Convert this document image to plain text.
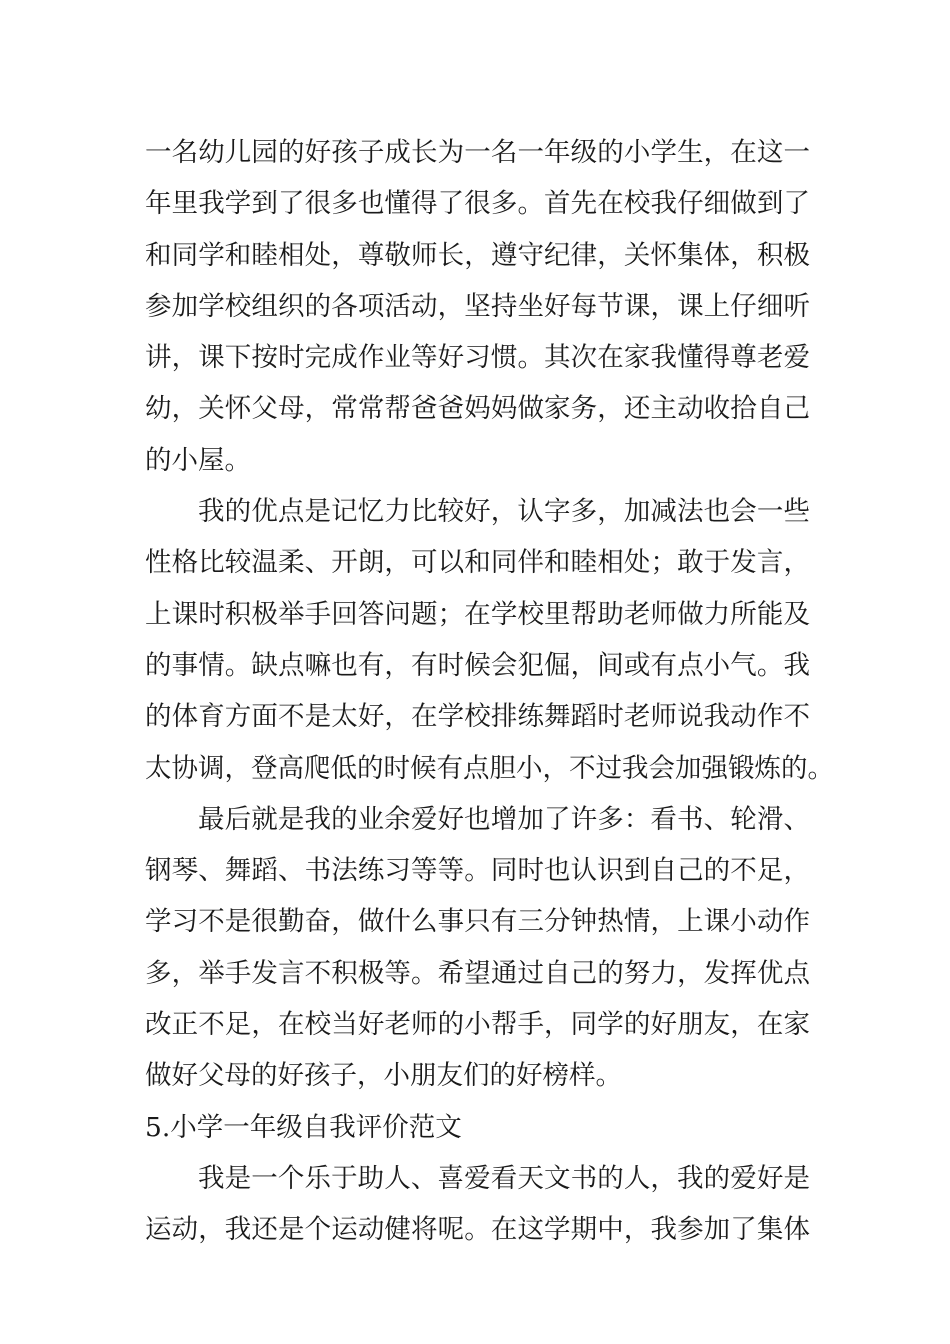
一名幼儿园的好孩子成长为一名一年级的小学生，在这一
年里我学到了很多也懂得了很多。首先在校我仔细做到了
和同学和睦相处，尊敬师长，遵守纪律，关怀集体，积极
参加学校组织的各项活动，坚持坐好每节课，课上仔细听
讲，课下按时完成作业等好习惯。其次在家我懂得尊老爱
幼，关怀父母，常常帮爸爸妈妈做家务，还主动收拾自己
的小屋。
我的优点是记忆力比较好，认字多，加减法也会一些
性格比较温柔、开朗，可以和同伴和睦相处；敢于发言，
上课时积极举手回答问题；在学校里帮助老师做力所能及
的事情。缺点嘛也有，有时候会犯倔，间或有点小气。我
的体育方面不是太好，在学校排练舞蹈时老师说我动作不
太协调，登高爬低的时候有点胆小，不过我会加强锻炼的。
最后就是我的业余爱好也增加了许多：看书、轮滑、
钢琴、舞蹈、书法练习等等。同时也认识到自己的不足，
学习不是很勤奋，做什么事只有三分钟热情，上课小动作
多，举手发言不积极等。希望通过自己的努力，发挥优点
改正不足，在校当好老师的小帮手，同学的好朋友，在家
做好父母的好孩子，小朋友们的好榜样。
5.小学一年级自我评价范文
我是一个乐于助人、喜爱看天文书的人，我的爱好是
运动，我还是个运动健将呢。在这学期中，我参加了集体
